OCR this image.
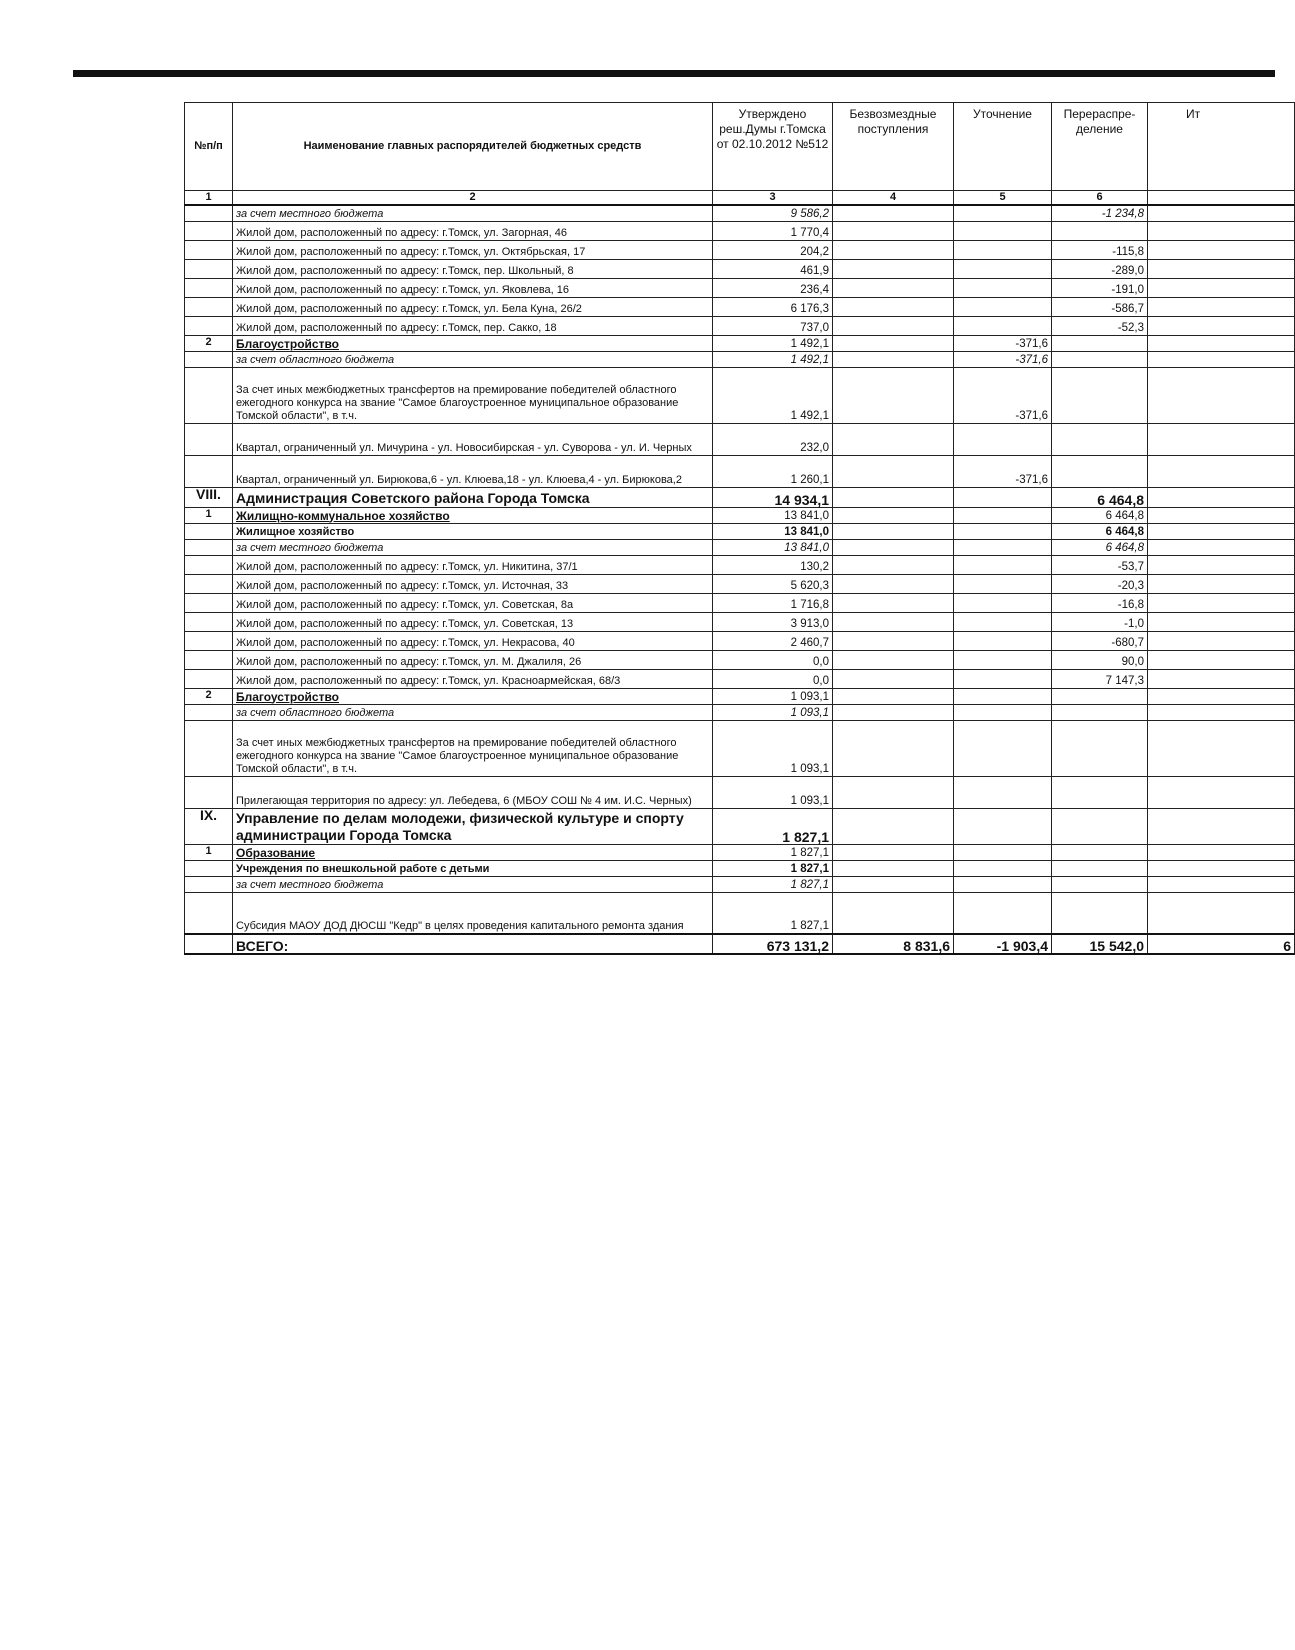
№п/п	Наименование главных распорядителей бюджетных средств	Утверждено реш.Думы г.Томска от 02.10.2012 №512	Безвозмездные поступления	Уточнение	Перераспре-деление	Ит
1	2	3	4	5	6	
	за счет местного бюджета	9 586,2			-1 234,8	
	Жилой дом, расположенный по адресу: г.Томск, ул. Загорная, 46	1 770,4				
	Жилой дом, расположенный по адресу: г.Томск, ул. Октябрьская, 17	204,2			-115,8	
	Жилой дом, расположенный по адресу: г.Томск, пер. Школьный, 8	461,9			-289,0	
	Жилой дом, расположенный по адресу: г.Томск, ул. Яковлева, 16	236,4			-191,0	
	Жилой дом, расположенный по адресу: г.Томск, ул. Бела Куна, 26/2	6 176,3			-586,7	
	Жилой дом, расположенный по адресу: г.Томск, пер. Сакко, 18	737,0			-52,3	
2	Благоустройство	1 492,1		-371,6		
	за счет областного бюджета	1 492,1		-371,6		
	За счет иных межбюджетных трансфертов на премирование победителей областного ежегодного конкурса на звание "Самое благоустроенное муниципальное образование Томской области", в т.ч.	1 492,1		-371,6		
	Квартал, ограниченный ул. Мичурина - ул. Новосибирская - ул. Суворова - ул. И. Черных	232,0				
	Квартал, ограниченный ул. Бирюкова,6 - ул. Клюева,18 - ул. Клюева,4 - ул. Бирюкова,2	1 260,1		-371,6		
VIII.	Администрация Советского района Города Томска	14 934,1			6 464,8	
1	Жилищно-коммунальное хозяйство	13 841,0			6 464,8	
	Жилищное хозяйство	13 841,0			6 464,8	
	за счет местного бюджета	13 841,0			6 464,8	
	Жилой дом, расположенный по адресу: г.Томск, ул. Никитина, 37/1	130,2			-53,7	
	Жилой дом, расположенный по адресу: г.Томск, ул. Источная, 33	5 620,3			-20,3	
	Жилой дом, расположенный по адресу: г.Томск, ул. Советская, 8а	1 716,8			-16,8	
	Жилой дом, расположенный по адресу: г.Томск, ул. Советская, 13	3 913,0			-1,0	
	Жилой дом, расположенный по адресу: г.Томск, ул. Некрасова, 40	2 460,7			-680,7	
	Жилой дом, расположенный по адресу: г.Томск, ул. М. Джалиля, 26	0,0			90,0	
	Жилой дом, расположенный по адресу: г.Томск, ул. Красноармейская, 68/3	0,0			7 147,3	
2	Благоустройство	1 093,1				
	за счет областного бюджета	1 093,1				
	За счет иных межбюджетных трансфертов на премирование победителей областного ежегодного конкурса на звание "Самое благоустроенное муниципальное образование Томской области", в т.ч.	1 093,1				
	Прилегающая территория по адресу: ул. Лебедева, 6 (МБОУ СОШ № 4 им. И.С. Черных)	1 093,1				
IX.	Управление по делам молодежи, физической культуре и спорту администрации Города Томска	1 827,1				
1	Образование	1 827,1				
	Учреждения по внешкольной работе с детьми	1 827,1				
	за счет местного бюджета	1 827,1				
	Субсидия МАОУ ДОД ДЮСШ "Кедр" в целях проведения капитального ремонта здания	1 827,1				
	ВСЕГО:	673 131,2	8 831,6	-1 903,4	15 542,0	6
